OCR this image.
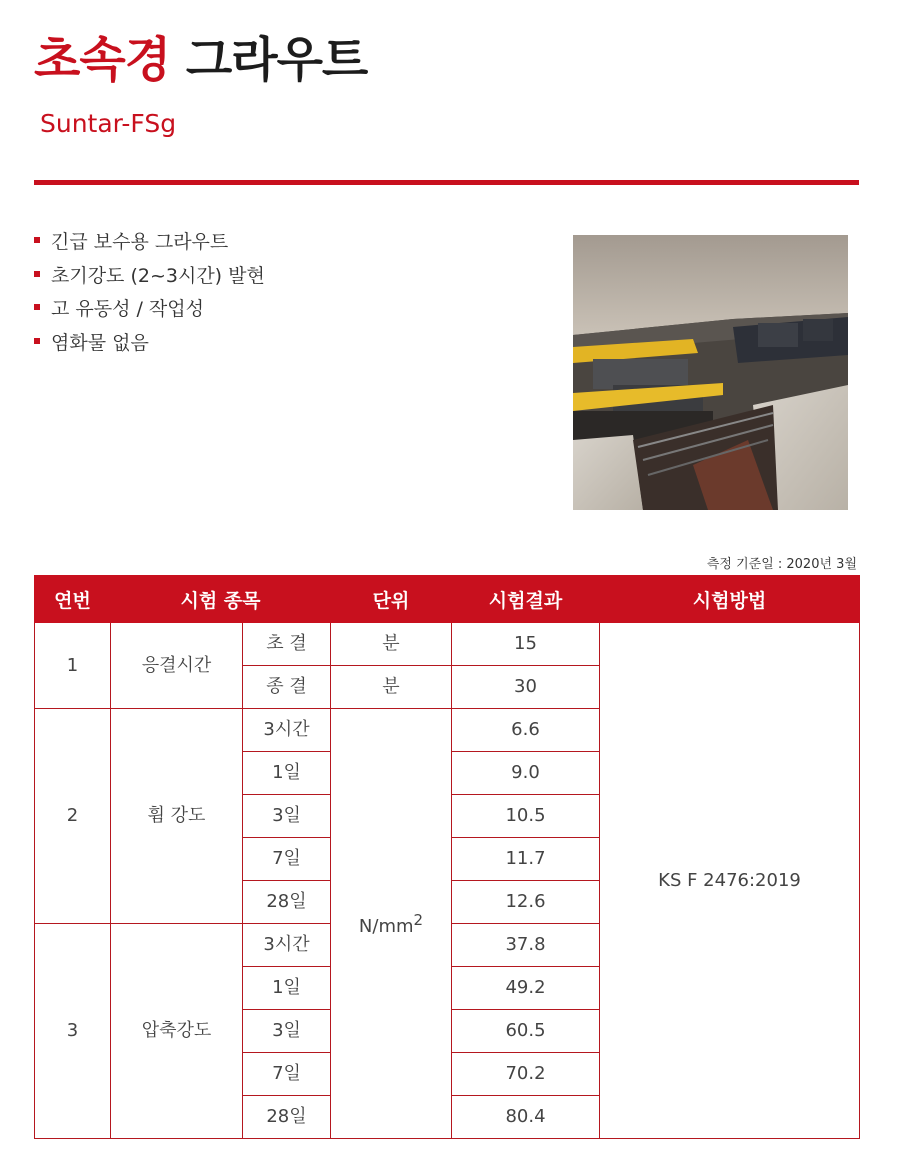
초속경 그라우트
Suntar-FSg
긴급 보수용 그라우트
초기강도 (2~3시간) 발현
고 유동성 / 작업성
염화물 없음
측정 기준일 : 2020년 3월
연번	시험 종목		단위	시험결과	시험방법
1	응결시간	초 결	분	15	KS F 2476:2019
		종 결	분	30	
2	휨 강도	3시간	$N/mm^2$	6.6	
		1일		9.0	
		3일		10.5	
		7일		11.7	
		28일		12.6	
3	압축강도	3시간		37.8	
		1일		49.2	
		3일		60.5	
		7일		70.2	
		28일		80.4	
